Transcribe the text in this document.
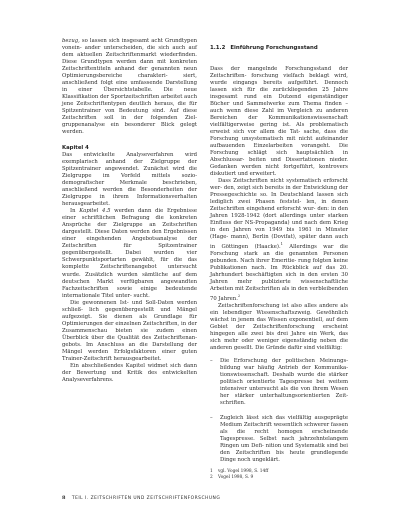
bezug, so lassen sich insgesamt acht Grundtypen vonein- ander unterscheiden, die sich auch auf dem aktuellen Zeitschriftenmarkt wiederfinden. Diese Grundtypen werden dann mit konkreten Zeitschriftentiteln anhand der genannten neun Optimierungsbereiche charakteri- siert, anschließend folgt eine umfassende Darstellung in einer Übersichtstabelle. Die neue Klassifikation der Sportzeitschriften arbeitet auch jene Zeitschriftentypen deutlich heraus, die für Spitzentrainer von Bedeutung sind. Auf diese Zeitschriften soll in der folgenden Ziel- gruppenanalyse ein besonderer Blick gelegt werden.

Kapitel 4

Das entwickelte Analyseverfahren wird exemplarisch anhand der Zielgruppe der Spitzentrainer angewendet. Zunächst wird die Zielgruppe im Vorfeld mittels sozio- demografischer Merkmale beschrieben, anschließend werden die Besonderheiten der Zielgruppe in ihrem Informationsverhalten herausgearbeitet.

In Kapitel 4.5 werden dann die Ergebnisse einer schriftlichen Befragung die konkreten Ansprüche der Zielgruppe an Zeitschriften dargestellt. Diese Daten werden den Ergebnissen einer eingehenden Angebotsanalyse der Zeitschriften für Spitzentrainer gegenübergestellt. Dabei wurden vier Schwerpunktsportarten gewählt, für die das komplette Zeitschriftenangebot untersucht wurde. Zusätzlich wurden sämtliche auf dem deutschen Markt verfügbaren angewandten Fachzeitschriften sowie einige bedeutende internationale Titel unter- sucht.

Die gewonnenen Ist- und Soll-Daten werden schließ- lich gegenübergestellt und Mängel aufgezeigt. Sie dienen als Grundlage für Optimierungen der einzelnen Zeitschriften, in der Zusammenschau bieten sie zudem einen Überblick über die Qualität des Zeitschriftenan- gebots. Im Anschluss an die Darstellung der Mängel werden Erfolgsfaktoren einer guten Trainer-Zeitschrift herausgearbeitet.

Ein abschließendes Kapitel widmet sich dann der Bewertung und Kritik des entwickelten Analyseverfahrens.

1.1.2 Einführung Forschungsstand

Dass der mangelnde Forschungsstand der Zeitschriften- forschung vielfach beklagt wird, wurde eingangs bereits aufgeführt. Dennoch lassen sich für die zurückliegenden 25 Jahre insgesamt rund ein Dutzend eigenständiger Bücher und Sammelwerke zum Thema finden – auch wenn diese Zahl im Vergleich zu anderen Bereichen der Kommunikationswissenschaft vielfältigerweise gering ist. Als problematisch erweist sich vor allem die Tat- sache, dass die Forschung unsystematisch mit nicht aufeinander aufbauenden Einzelarbeiten vorangeht. Die Forschung schlägt sich hauptsächlich in Abschlussar- beiten und Dissertationen nieder. Gedanken werden nicht fortgeführt, kontrovers diskutiert und erweitert.

Dass Zeitschriften nicht systematisch erforscht wer- den, zeigt sich bereits in der Entwicklung der Pressegeschichte so. In Deutschland lassen sich lediglich zwei Phasen feststel- len, in denen Zeitschriften eingehend erforscht wur- den: in den Jahren 1928-1942 (dort allerdings unter starken Einfluss der NS-Propaganda) und nach dem Krieg in den Jahren von 1949 bis 1961 in Münster (Hage- mann), Berlin (Dovifat), später dann auch in Göttingen (Haacke).$^1$ Allerdings war die Forschung stark an die genannten Personen gebunden. Nach ihrer Emeritie- rung folgten keine Publikationen nach. Im Rückblick auf das 20. Jahrhundert beschäftigten sich in den ersten 30 Jahren mehr publizierte wissenschaftliche Arbeiten mit Zeitschriften als in den verbleibenden 70 Jahren.$^2$

Zeitschriftenforschung ist also alles andere als ein lebendiger Wissenschaftszweig. Gewöhnlich wächst in jenem das Wissen exponentiell, auf dem Gebiet der Zeitschriftenforschung erscheint hingegen alle zwei bis drei Jahre ein Werk, das sich mehr oder weniger eigenständig neben die anderen gesellt. Die Gründe dafür sind vielfältig:

– Die Erforschung der politischen Meinungs- bildung war häufig Antrieb der Kommunika- tionswissenschaft. Deshalb wurde die stärker politisch orientierte Tagespresse bei weitem intensiver untersucht als die von ihrem Wesen her stärker unterhaltungsorientierten Zeit- schriften.
– Zugleich lässt sich das vielfältig ausgeprägte Medium Zeitschrift wesentlich schwerer fassen als die recht homogen erscheinende Tagespresse. Selbst nach jahrzehntelangem Ringen um Defi- nition und Systematik sind bei den Zeitschriften bis heute grundlegende Dinge noch ungeklärt.
1 vgl. Vogel 1998, S. 14ff
2 Vogel 1998, S. 9
8 TEIL I. ZEITSCHRIFTEN UND ZEITSCHRIFTENFORSCHUNG
